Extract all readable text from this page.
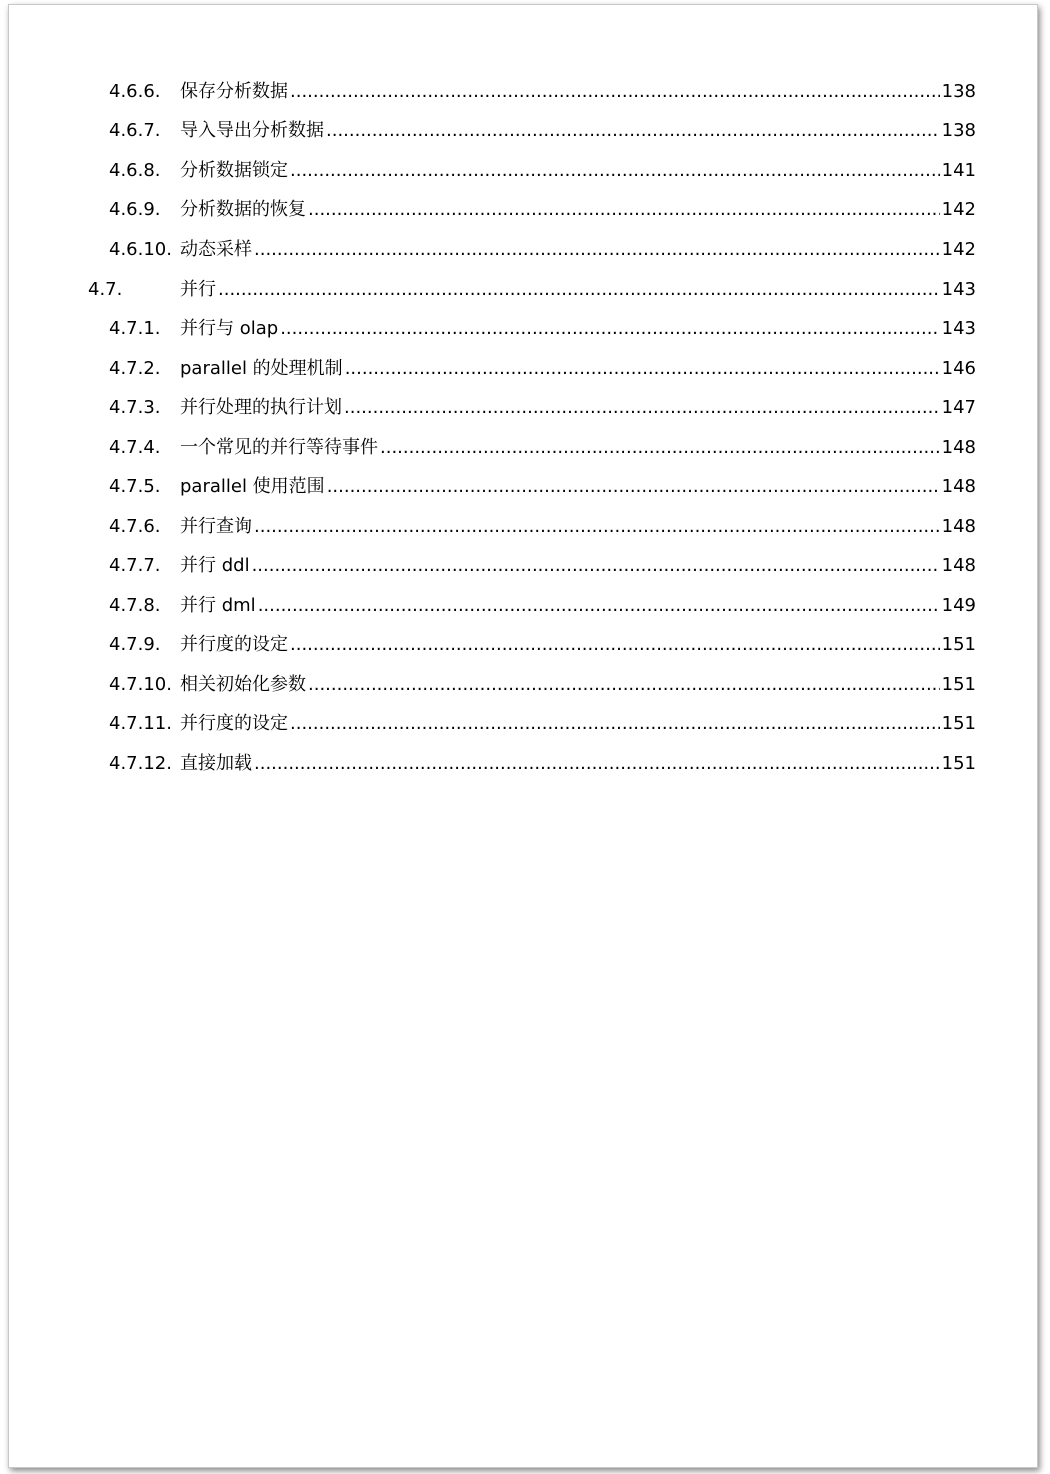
4.6.6.	保存分析数据 .....	138
4.6.7.	导入导出分析数据 .....	138
4.6.8.	分析数据锁定 .....	141
4.6.9.	分析数据的恢复 .....	142
4.6.10. 动态采样 .....	142
4.7.	并行 .....	143
4.7.1.	并行与 olap .....	143
4.7.2.	parallel 的处理机制 .....	146
4.7.3.	并行处理的执行计划 .....	147
4.7.4.	一个常见的并行等待事件 .....	148
4.7.5.	parallel 使用范围 .....	148
4.7.6.	并行查询 .....	148
4.7.7.	并行 ddl .....	148
4.7.8.	并行 dml .....	149
4.7.9.	并行度的设定 .....	151
4.7.10. 相关初始化参数 .....	151
4.7.11. 并行度的设定 .....	151
4.7.12. 直接加载 .....	151
